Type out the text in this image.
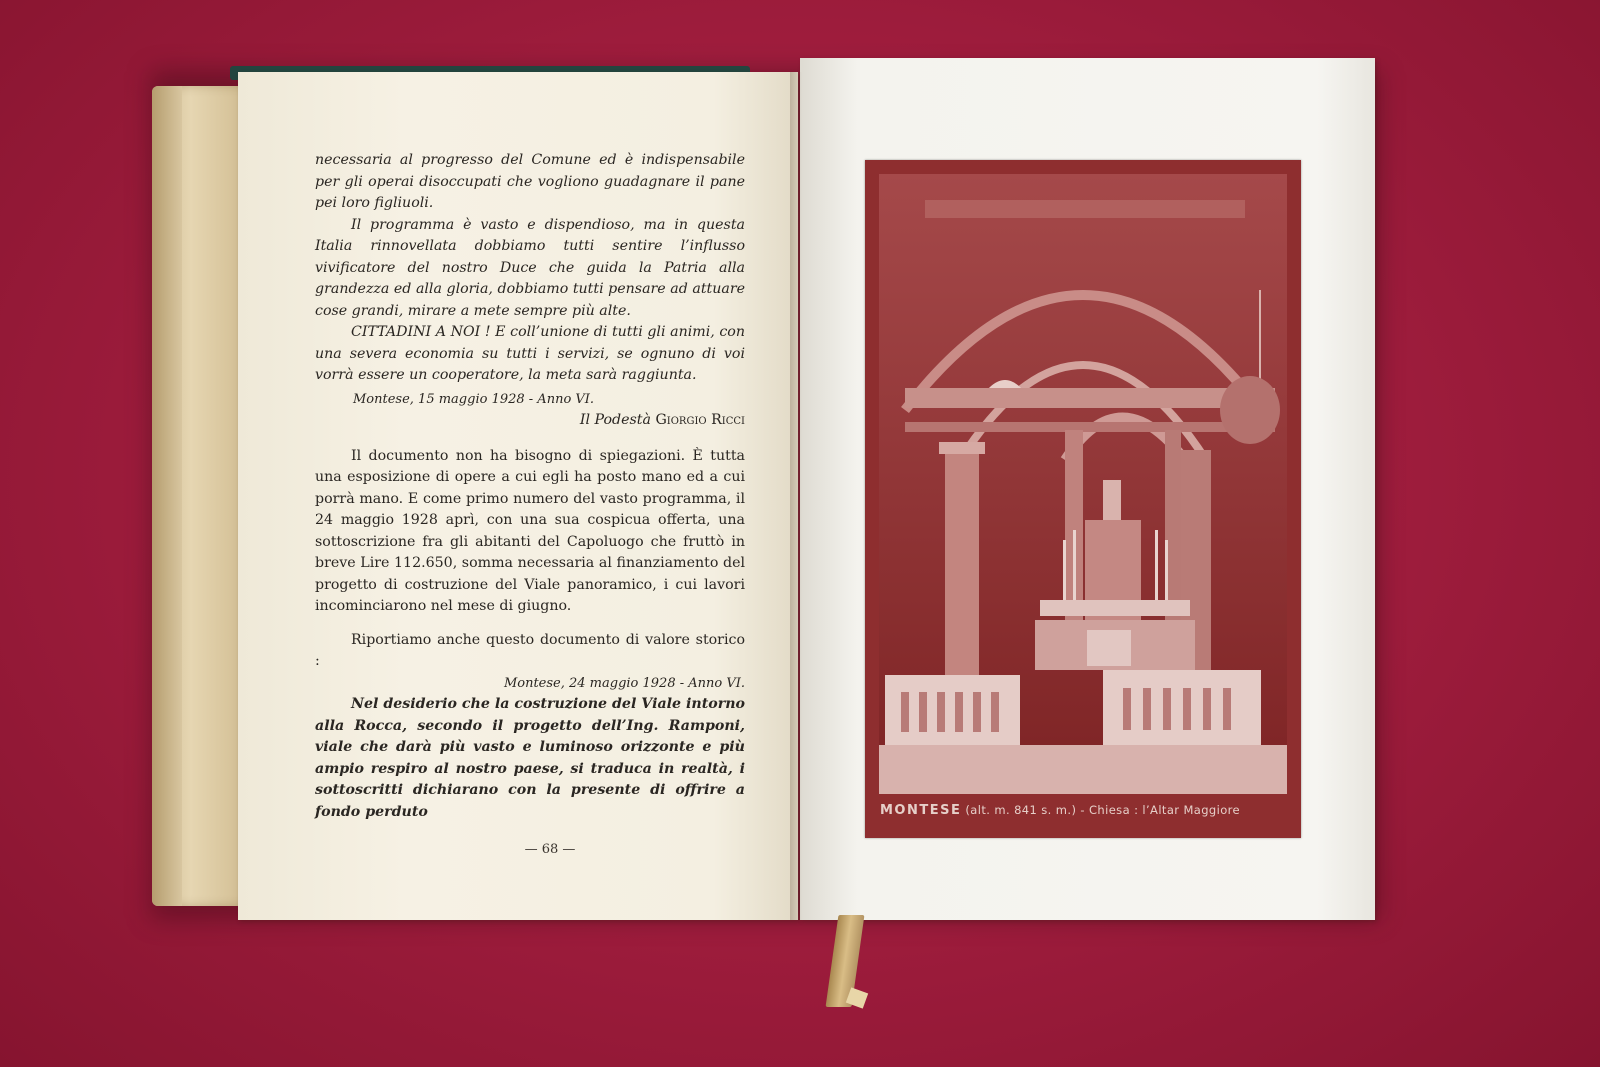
necessaria al progresso del Comune ed è indispensabile per gli operai disoccupati che vogliono guadagnare il pane pei loro figliuoli.

Il programma è vasto e dispendioso, ma in questa Italia rinnovellata dobbiamo tutti sentire l’influsso vivificatore del nostro Duce che guida la Patria alla grandezza ed alla gloria, dobbiamo tutti pensare ad attuare cose grandi, mirare a mete sempre più alte.

CITTADINI A NOI ! E coll’unione di tutti gli animi, con una severa economia su tutti i servizi, se ognuno di voi vorrà essere un cooperatore, la meta sarà raggiunta.

Montese, 15 maggio 1928 - Anno VI.

Il Podestà Giorgio Ricci

Il documento non ha bisogno di spiegazioni. È tutta una esposizione di opere a cui egli ha posto mano ed a cui porrà mano. E come primo numero del vasto programma, il 24 maggio 1928 aprì, con una sua cospicua offerta, una sottoscrizione fra gli abitanti del Capoluogo che fruttò in breve Lire 112.650, somma necessaria al finanziamento del progetto di costruzione del Viale panoramico, i cui lavori incominciarono nel mese di giugno.

Riportiamo anche questo documento di valore storico :

Montese, 24 maggio 1928 - Anno VI.

Nel desiderio che la costruzione del Viale intorno alla Rocca, secondo il progetto dell’Ing. Ramponi, viale che darà più vasto e luminoso orizzonte e più ampio respiro al nostro paese, si traduca in realtà, i sottoscritti dichiarano con la presente di offrire a fondo perduto

— 68 —
MONTESE (alt. m. 841 s. m.) - Chiesa : l’Altar Maggiore
